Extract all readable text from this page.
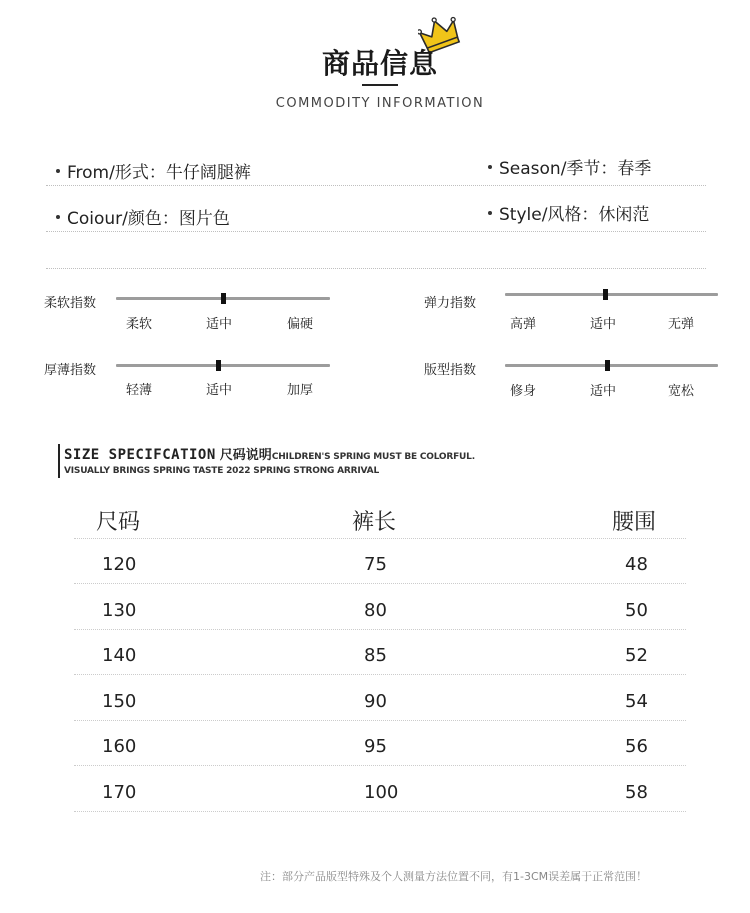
商品信息
COMMODITY INFORMATION
From/形式：牛仔阔腿裤	Season/季节：春季
Coiour/颜色：图片色	Style/风格：休闲范
柔软指数
柔软	适中	偏硬
弹力指数
高弹	适中	无弹
厚薄指数
轻薄	适中	加厚
版型指数
修身	适中	宽松
SIZE SPECIFCATION 尺码说明CHILDREN'S SPRING MUST BE COLORFUL.
VISUALLY BRINGS SPRING TASTE 2022 SPRING STRONG ARRIVAL
尺码	裤长	腰围
120	75	48
130	80	50
140	85	52
150	90	54
160	95	56
170	100	58
注：部分产品版型特殊及个人测量方法位置不同，有1-3CM误差属于正常范围！
